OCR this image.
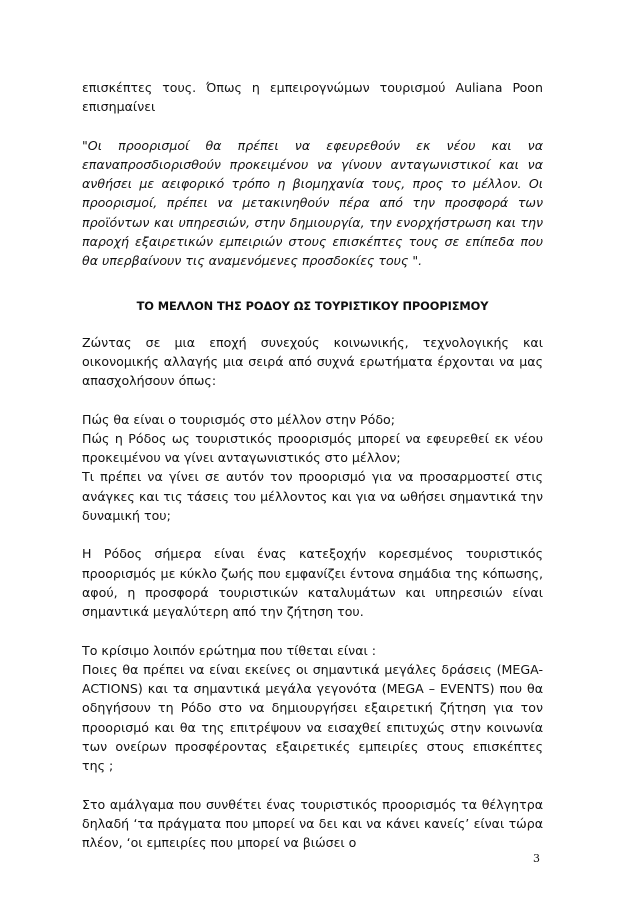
επισκέπτες τους. Όπως η εμπειρογνώμων τουρισμού Auliana Poon επισημαίνει

"Οι προορισμοί θα πρέπει να εφευρεθούν εκ νέου και να επαναπροσδιορισθούν προκειμένου να γίνουν ανταγωνιστικοί και να ανθήσει με αειφορικό τρόπο η βιομηχανία τους, προς το μέλλον. Οι προορισμοί, πρέπει να μετακινηθούν πέρα από την προσφορά των προϊόντων και υπηρεσιών, στην δημιουργία, την ενορχήστρωση και την παροχή εξαιρετικών εμπειριών στους επισκέπτες τους σε επίπεδα που θα υπερβαίνουν τις αναμενόμενες προσδοκίες τους ".

ΤΟ ΜΕΛΛΟΝ ΤΗΣ ΡΟΔΟΥ ΩΣ ΤΟΥΡΙΣΤΙΚΟΥ ΠΡΟΟΡΙΣΜΟΥ

Ζώντας σε μια εποχή συνεχούς κοινωνικής, τεχνολογικής και οικονομικής αλλαγής μια σειρά από συχνά ερωτήματα έρχονται να μας απασχολήσουν όπως:

Πώς θα είναι ο τουρισμός στο μέλλον στην Ρόδο;
Πώς η Ρόδος ως τουριστικός προορισμός μπορεί να εφευρεθεί εκ νέου προκειμένου να γίνει ανταγωνιστικός στο μέλλον;
Τι πρέπει να γίνει σε αυτόν τον προορισμό για να προσαρμοστεί στις ανάγκες και τις τάσεις του μέλλοντος και για να ωθήσει σημαντικά την δυναμική του;

Η Ρόδος σήμερα είναι ένας κατεξοχήν κορεσμένος τουριστικός προορισμός με κύκλο ζωής που εμφανίζει έντονα σημάδια της κόπωσης, αφού, η προσφορά τουριστικών καταλυμάτων και υπηρεσιών είναι σημαντικά μεγαλύτερη από την ζήτηση του.

Το κρίσιμο λοιπόν ερώτημα που τίθεται είναι :

Ποιες θα πρέπει να είναι εκείνες οι σημαντικά μεγάλες δράσεις (MEGA-ACTIONS) και τα σημαντικά μεγάλα γεγονότα (MEGA – EVENTS) που θα οδηγήσουν τη Ρόδο στο να δημιουργήσει εξαιρετική ζήτηση για τον προορισμό και θα της επιτρέψουν να εισαχθεί επιτυχώς στην κοινωνία των ονείρων προσφέροντας εξαιρετικές εμπειρίες στους επισκέπτες της ;

Στο αμάλγαμα που συνθέτει ένας τουριστικός προορισμός τα θέλγητρα δηλαδή ‘τα πράγματα που μπορεί να δει και να κάνει κανείς’ είναι τώρα πλέον, ‘οι εμπειρίες που μπορεί να βιώσει ο

3
